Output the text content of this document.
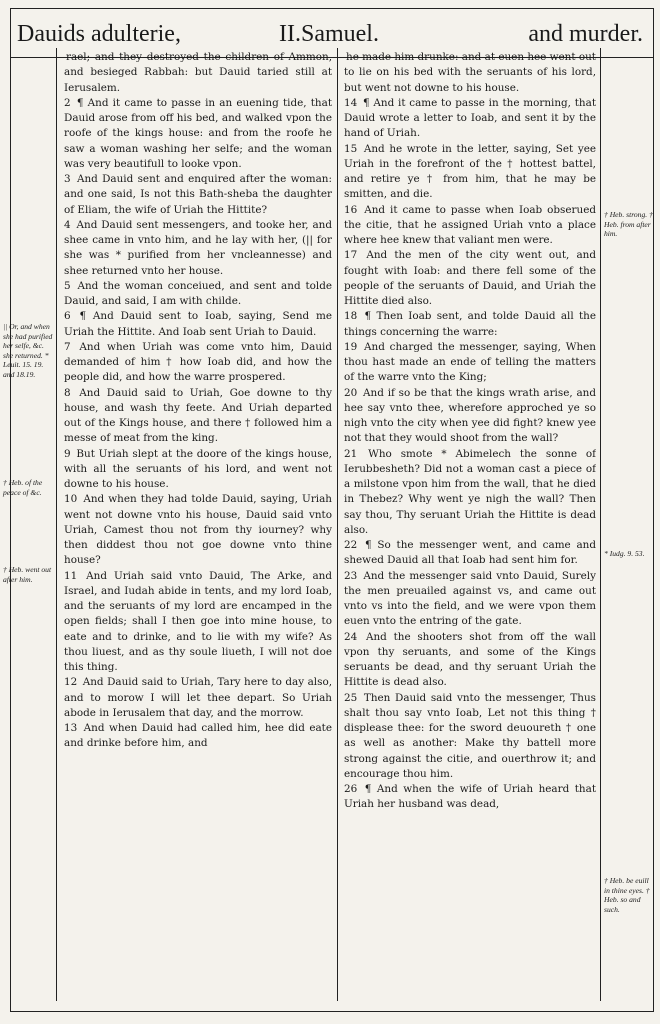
Dauids adulterie,	II.Samuel.	and murder.
|| Or, and when she had purified her selfe, &c. she returned. * Leuit. 15. 19. and 18.19.
† Heb. of the peace of &c.
† Heb. went out after him.
† Heb. strong. † Heb. from after him.
* Iudg. 9. 53.
† Heb. be euill in thine eyes. † Heb. so and such.

rael; and they destroyed the children of Ammon, and besieged Rabbah: but Dauid taried still at Ierusalem.

2 ¶ And it came to passe in an euening tide, that Dauid arose from off his bed, and walked vpon the roofe of the kings house: and from the roofe he saw a woman washing her selfe; and the woman was very beautifull to looke vpon.

3 And Dauid sent and enquired after the woman: and one said, Is not this Bath-sheba the daughter of Eliam, the wife of Uriah the Hittite?

4 And Dauid sent messengers, and tooke her, and shee came in vnto him, and he lay with her, (|| for she was * purified from her vncleannesse) and shee returned vnto her house.

5 And the woman conceiued, and sent and tolde Dauid, and said, I am with childe.

6 ¶ And Dauid sent to Ioab, saying, Send me Uriah the Hittite. And Ioab sent Uriah to Dauid.

7 And when Uriah was come vnto him, Dauid demanded of him † how Ioab did, and how the people did, and how the warre prospered.

8 And Dauid said to Uriah, Goe downe to thy house, and wash thy feete. And Uriah departed out of the Kings house, and there † followed him a messe of meat from the king.

9 But Uriah slept at the doore of the kings house, with all the seruants of his lord, and went not downe to his house.

10 And when they had tolde Dauid, saying, Uriah went not downe vnto his house, Dauid said vnto Uriah, Camest thou not from thy iourney? why then diddest thou not goe downe vnto thine house?

11 And Uriah said vnto Dauid, The Arke, and Israel, and Iudah abide in tents, and my lord Ioab, and the seruants of my lord are encamped in the open fields; shall I then goe into mine house, to eate and to drinke, and to lie with my wife? As thou liuest, and as thy soule liueth, I will not doe this thing.

12 And Dauid said to Uriah, Tary here to day also, and to morow I will let thee depart. So Uriah abode in Ierusalem that day, and the morrow.

13 And when Dauid had called him, hee did eate and drinke before him, and

he made him drunke: and at euen hee went out to lie on his bed with the seruants of his lord, but went not downe to his house.

14 ¶ And it came to passe in the morning, that Dauid wrote a letter to Ioab, and sent it by the hand of Uriah.

15 And he wrote in the letter, saying, Set yee Uriah in the forefront of the † hottest battel, and retire ye † from him, that he may be smitten, and die.

16 And it came to passe when Ioab obserued the citie, that he assigned Uriah vnto a place where hee knew that valiant men were.

17 And the men of the city went out, and fought with Ioab: and there fell some of the people of the seruants of Dauid, and Uriah the Hittite died also.

18 ¶ Then Ioab sent, and tolde Dauid all the things concerning the warre:

19 And charged the messenger, saying, When thou hast made an ende of telling the matters of the warre vnto the King;

20 And if so be that the kings wrath arise, and hee say vnto thee, wherefore approched ye so nigh vnto the city when yee did fight? knew yee not that they would shoot from the wall?

21 Who smote * Abimelech the sonne of Ierubbesheth? Did not a woman cast a piece of a milstone vpon him from the wall, that he died in Thebez? Why went ye nigh the wall? Then say thou, Thy seruant Uriah the Hittite is dead also.

22 ¶ So the messenger went, and came and shewed Dauid all that Ioab had sent him for.

23 And the messenger said vnto Dauid, Surely the men preuailed against vs, and came out vnto vs into the field, and we were vpon them euen vnto the entring of the gate.

24 And the shooters shot from off the wall vpon thy seruants, and some of the Kings seruants be dead, and thy seruant Uriah the Hittite is dead also.

25 Then Dauid said vnto the messenger, Thus shalt thou say vnto Ioab, Let not this thing † displease thee: for the sword deuoureth † one as well as another: Make thy battell more strong against the citie, and ouerthrow it; and encourage thou him.

26 ¶ And when the wife of Uriah heard that Uriah her husband was dead,
